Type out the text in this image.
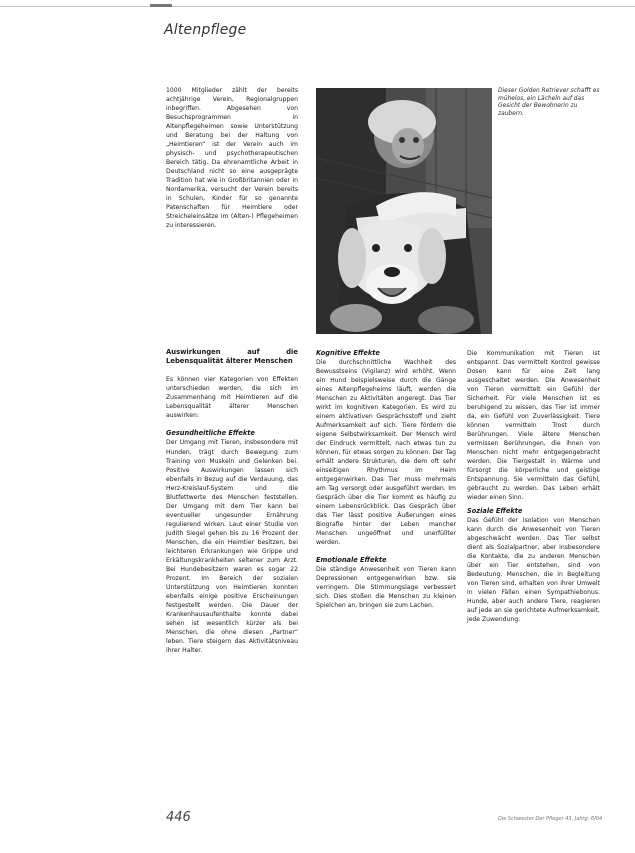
Altenpflege

1000 Mitglieder zählt der bereits achtjährige Verein, Regionalgruppen inbegriffen. Abgesehen von Besuchsprogrammen in Altenpflegeheimen sowie Unterstützung und Beratung bei der Haltung von „Heimtieren“ ist der Verein auch im physisch- und psychotherapeutischen Bereich tätig. Da ehrenamtliche Arbeit in Deutschland nicht so eine ausgeprägte Tradition hat wie in Großbritannien oder in Nordamerika, versucht der Verein bereits in Schulen, Kinder für so genannte Patenschaften für Heimtiere oder Streicheleinsätze im (Alten-) Pflegeheimen zu interessieren.

Dieser Golden Retriever schafft es mühelos, ein Lächeln auf das Gesicht der Bewohnerin zu zaubern.
Auswirkungen auf die Lebensqualität älterer Menschen

Es können vier Kategorien von Effekten unterschieden werden, die sich im Zusammenhang mit Heimtieren auf die Lebensqualität älterer Menschen auswirken:

Gesundheitliche Effekte

Der Umgang mit Tieren, insbesondere mit Hunden, trägt durch Bewegung zum Training von Muskeln und Gelenken bei. Positive Auswirkungen lassen sich ebenfalls in Bezug auf die Verdauung, das Herz-Kreislauf-System und die Blutfettwerte des Menschen feststellen. Der Umgang mit dem Tier kann bei eventueller ungesunder Ernährung regulierend wirken. Laut einer Studie von Judith Siegel gehen bis zu 16 Prozent der Menschen, die ein Heimtier besitzen, bei leichteren Erkrankungen wie Grippe und Erkältungskrankheiten seltener zum Arzt. Bei Hundebesitzern waren es sogar 22 Prozent. Im Bereich der sozialen Unterstützung von Heimtieren konnten ebenfalls einige positive Erscheinungen festgestellt werden. Die Dauer der Krankenhausaufenthalte konnte dabei sehen ist wesentlich kürzer als bei Menschen, die ohne diesen „Partner“ leben. Tiere steigern das Aktivitätsniveau ihrer Halter.

Kognitive Effekte

Die durchschnittliche Wachheit des Bewusstseins (Vigilanz) wird erhöht. Wenn ein Hund beispielsweise durch die Gänge eines Altenpflegeheims läuft, werden die Menschen zu Aktivitäten angeregt. Das Tier wirkt im kognitiven Kategorien. Es wird zu einem aktivativen Gesprächsstoff und zieht Aufmerksamkeit auf sich. Tiere fördern die eigene Selbstwirksamkeit. Der Mensch wird der Eindruck vermittelt, nach etwas tun zu können, für etwas sorgen zu können. Der Tag erhält andere Strukturen, die dem oft sehr einseitigen Rhythmus im Heim entgegenwirken. Das Tier muss mehrmals am Tag versorgt oder ausgeführt werden. Im Gespräch über die Tier kommt es häufig zu einem Lebensrückblick. Das Gespräch über das Tier lässt positive Äußerungen eines Biografie hinter der Leben mancher Menschen ungeöffnet und unerfüllter werden.

Emotionale Effekte

Die ständige Anwesenheit von Tieren kann Depressionen entgegenwirken bzw. sie verringern. Die Stimmungslage verbessert sich. Dies stoßen die Menschen zu kleinen Spielchen an, bringen sie zum Lachen.

Die Kommunikation mit Tieren ist entspannt. Das vermittelt Kontrol gewisse Dosen kann für eine Zeit lang ausgeschaltet werden. Die Anwesenheit von Tieren vermittelt ein Gefühl der Sicherheit. Für viele Menschen ist es beruhigend zu wissen, das Tier ist immer da, ein Gefühl von Zuverlässigkeit. Tiere können vermitteln Trost durch Berührungen. Viele ältere Menschen vermissen Berührungen, die ihnen von Menschen nicht mehr entgegengebracht werden. Die Tiergestalt in Wärme und fürsorgt die körperliche und geistige Entspannung. Sie vermitteln das Gefühl, gebraucht zu werden. Das Leben erhält wieder einen Sinn.

Soziale Effekte

Das Gefühl der Isolation von Menschen kann durch die Anwesenheit von Tieren abgeschwächt werden. Das Tier selbst dient als Sozialpartner, aber insbesondere die Kontakte, die zu anderen Menschen über ein Tier entstehen, sind von Bedeutung. Menschen, die in Begleitung von Tieren sind, erhalten von ihrer Umwelt in vielen Fällen einen Sympathiebonus. Hunde, aber auch andere Tiere, reagieren auf jede an sie gerichtete Aufmerksamkeit, jede Zuwendung.

446	Die Schwester Der Pfleger 43. Jahrg. 6/04
